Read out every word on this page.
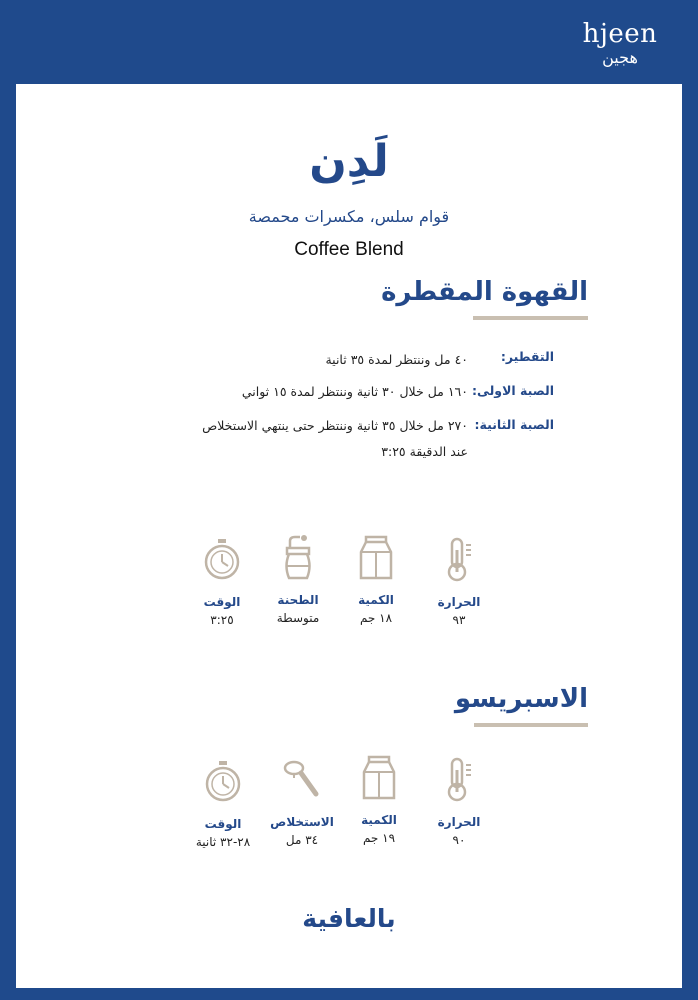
hjeen
هجين
لَدِن
قوام سلس، مكسرات محمصة
Coffee Blend
القهوة المقطرة
التقطير:
٤٠ مل وننتظر لمدة ٣٥ ثانية
الصبة الاولى:
١٦٠ مل خلال ٣٠ ثانية وننتظر لمدة ١٥ ثواني
الصبة الثانية:
٢٧٠ مل خلال ٣٥ ثانية وننتظر حتى ينتهي الاستخلاص
عند الدقيقة ٣:٢٥
الحرارة
٩٣
الكمية
١٨ جم
الطحنة
متوسطة
الوقت
٣:٢٥
الاسبريسو
الحرارة
٩٠
الكمية
١٩ جم
الاستخلاص
٣٤ مل
الوقت
٢٨-٣٢ ثانية
بالعافية
